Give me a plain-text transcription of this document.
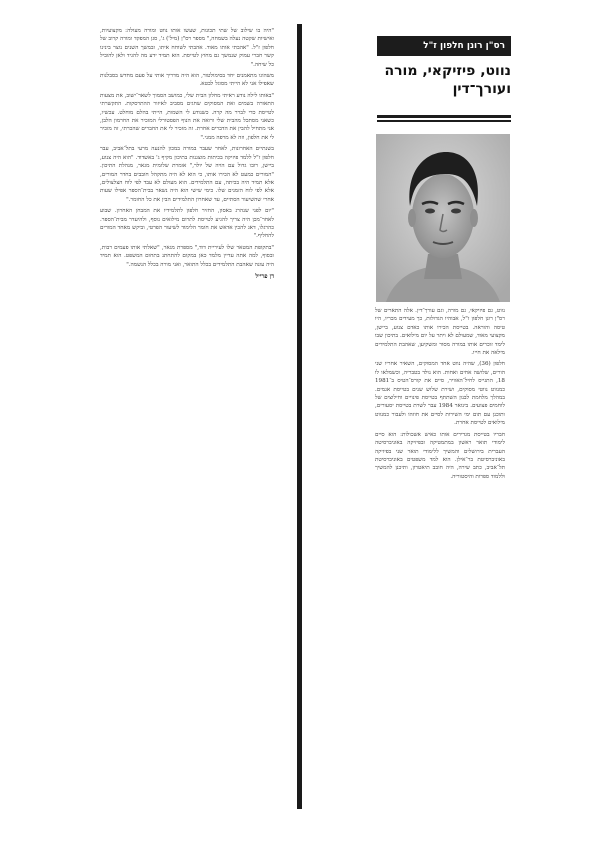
"היה בו שילוב של שתי תכונות, שעשו אותו נווט ומורה מעולה: מקצועיות, ואישיות שקטה נעלה בשמחה," מספר רס"ן (מיל') ג', סגן המפקד ומורה קרוב של חלפון ז"ל. "אהבתי אותו מאוד. אהבתי לשוחח איתו, ובמשך השנים נוצר בינינו קשר חברי עמוק שנמשך גם מחוץ לטייסת. הוא תמיד ידע מה להגיד ולאן להוביל כל שיחה."

משהוגו מתאמנים יחד בסימולטור, הוא היה מדריך אותי על פעם מחדש בסבלנות שאפילו אני לא הייתי מסוגל לבטא.

"באותו לילה נודע ראיתי מחלון הבית שלי, כמושב הסמוך לשאר־ישוב, את מצעות התאורה בשמים ואת המסוקים שחגים מסביב לאיזור ההתרסקות. התקשרתי לטייסת כדי לברר מה קרה. כשנודע לי השמות, הייתי בהלם מוחלט. עכשיו, כשאני מסתכל מהבית שלי ורואה את הנוף הפסטורלי המזכיר את החרמון הלבן, אני מתחיל להבין את הדברים אחרת. זה מזכיר לי את החברים שהכרתי, זה מזכיר לי את חלפון, וזה לא מרפה ממני."

בשנתיים האחרונות, לאחר שעבר במורה במכון להנעה מרעי בתל־אביב, עבר חלפון ז"ל ללמד פיזיקה בכיתות מוצגנות בתיכון מקיף ג' באשדוד. "הוא היה צנוע, ביישן, רובו גדול עם הויה של יולר," אומרת שלומית מגאר, מנהלת התיכון. "המורים כמעט לא הכירו אותו, כי הוא לא היה מתקהל חובבים בחדר המורים, אלא תמיד היה בכיתה, עם התלמידים. הוא מעולם לא עבד לפי לוח הצלצולים, אלא לפי לוח הזמנים שלו. כימי שישי הוא היה נשאר בבית־הספר אפילו שעות אחרי שהשיעור הסתיים, עד שאחרון התלמידים הבין את כל החומר."

"יום לפני שנהרג באסון, החזיר חלפון לתלמידיו את המבחן האחרון. שבוע לאחר־מכן היה צריך להגיע לטייסת לתרום מילואים נוסף, ולהיעדר מבית־הספר. כהרגלו, דאג להכין אדאש את חומר הלימוד לשיעור הפרטי, וביקש מאחד המורים להחליף."

"בתקופת המטאר שלו לעיריית דוד," מספרת מגאר, "שאלתי אותו פעמים רבות, ובסוף, למה אתה עדיין מלמד כאן במקום להתחתנ בתחום המשפט. הוא תמיד היה עונה שאהבת התלמידים בכלל התואר, ואני מורה בכלל הנשמה."

דן פרייל
רס"ן רונן חלפון ז"ל
נווט, פיזיקאי, מורה ועורך־דין

נווט, גם פיזיקאי, גם מורה, וגם עורך־דין. אלה התארים של רס"ן רונן חלפון ז"ל, אבוהיו הגדולות, כך מעידים מכריו, היו טיסה והוראה. בטייסת הכירו אותו כאדם צנוע, ביישן, מקצועי מאוד, שמעולם לא ויתר על יום מילואים. בתיכון שבו לימד זוכרים אותו במורה מסור ומשקיען, שאהבת התלמידים מילאה את חייו.

חלפון (36), שהיה נווט אחד המסוקים, השאיר אחריו שני הורים, שלושה אחים ואחות. הוא נולד בטבריה, וכשמלאו לו 18, התגייס לחיל־האוויר, סיים את קורס־הטיס ב־1981 כמנווט נווטי מסוקים, ושירת שלוש שנים בטייסת אגמים. במהלך מלחמת לבנון השתתף בטייסת פינויים וחילוצים של לוחמים פצועים. בינואר 1984 עבר לשרת בטייסת יסעורים, ותוכנן עם תום ימי השירות לסיים את חוזהו ולעבור כמנווט מילואים לטייסת אחרת.

חבריו בטייסת מגדירים אותו כאיש אשכולות: הוא סיים לימודי תואר ראשון במתמטיקה ובפיזיקה באוניברסיטה העברית בירושלים והמשיך ללימודי תואר שני בפיזיקה באוניברסיטת בר־אילן. הוא למד משפטים באוניברסיטת תל־אביב, כתב שירה, היה חובב תיאטרון, ותיכנן להמשיך וללמוד ספרות והיסטוריה.
